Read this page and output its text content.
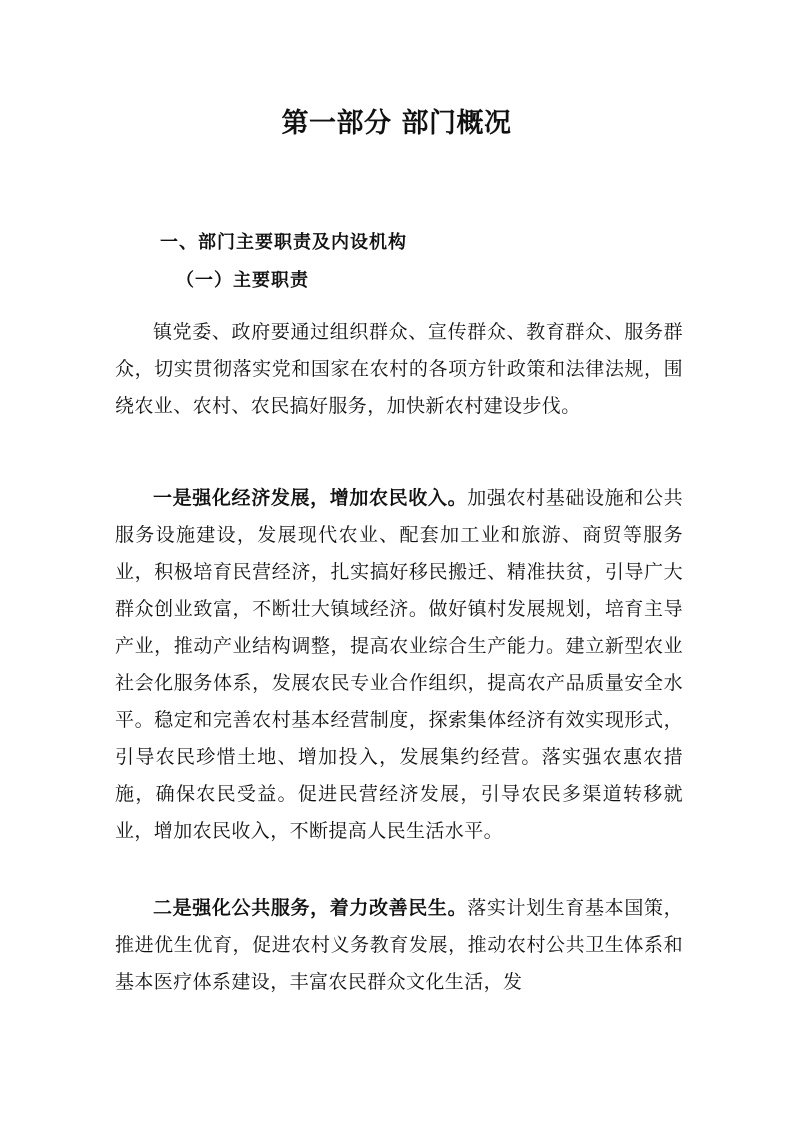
第一部分 部门概况
一、部门主要职责及内设机构
（一）主要职责

镇党委、政府要通过组织群众、宣传群众、教育群众、服务群众，切实贯彻落实党和国家在农村的各项方针政策和法律法规，围绕农业、农村、农民搞好服务，加快新农村建设步伐。

一是强化经济发展，增加农民收入。加强农村基础设施和公共服务设施建设，发展现代农业、配套加工业和旅游、商贸等服务业，积极培育民营经济，扎实搞好移民搬迁、精准扶贫，引导广大群众创业致富，不断壮大镇域经济。做好镇村发展规划，培育主导产业，推动产业结构调整，提高农业综合生产能力。建立新型农业社会化服务体系，发展农民专业合作组织，提高农产品质量安全水平。稳定和完善农村基本经营制度，探索集体经济有效实现形式，引导农民珍惜土地、增加投入，发展集约经营。落实强农惠农措施，确保农民受益。促进民营经济发展，引导农民多渠道转移就业，增加农民收入，不断提高人民生活水平。

二是强化公共服务，着力改善民生。落实计划生育基本国策，推进优生优育，促进农村义务教育发展，推动农村公共卫生体系和基本医疗体系建设，丰富农民群众文化生活，发
